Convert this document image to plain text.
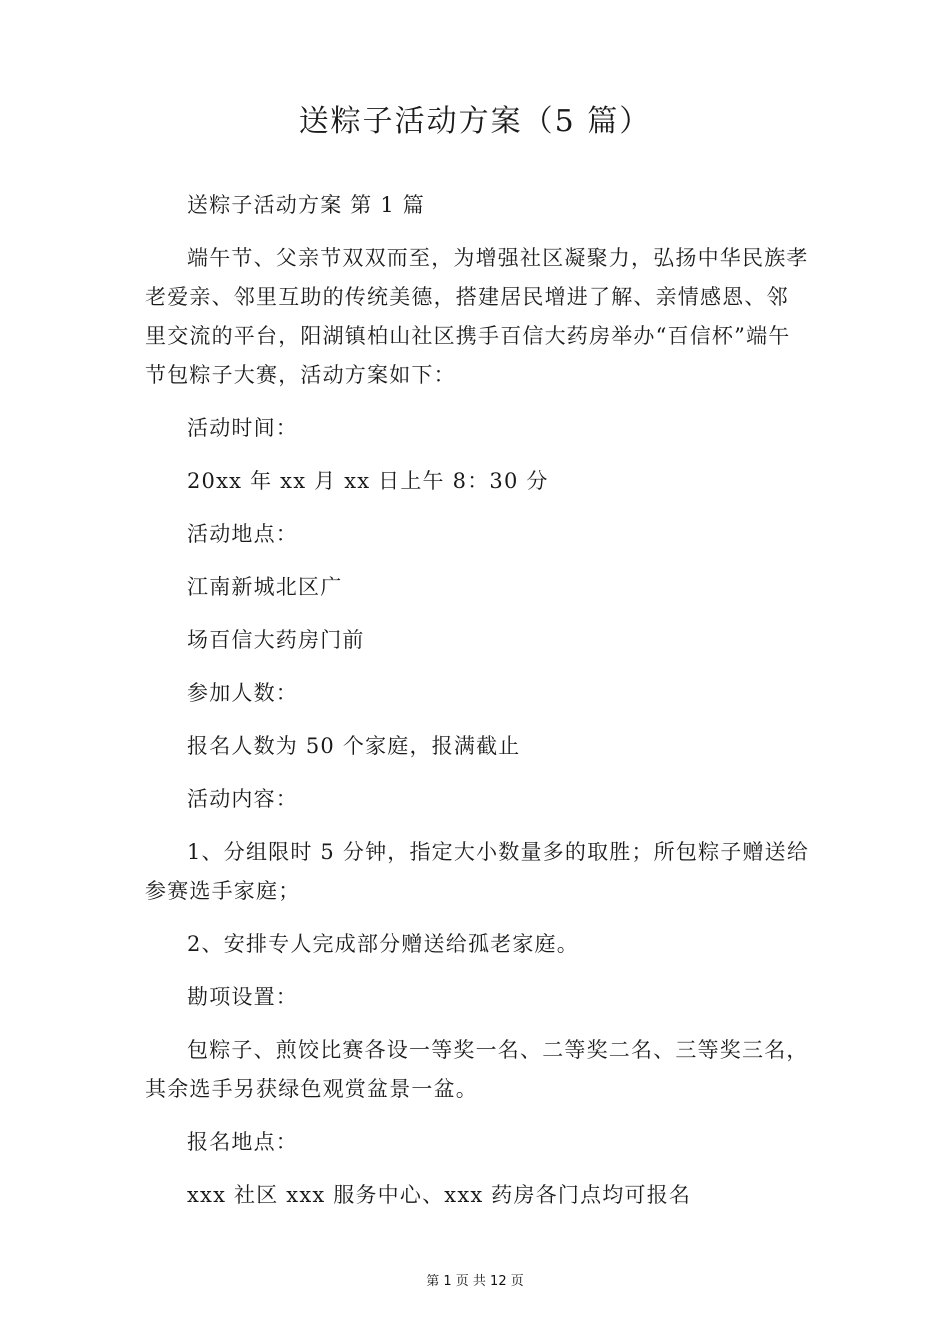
送粽子活动方案（5 篇）

送粽子活动方案 第 1 篇

端午节、父亲节双双而至，为增强社区凝聚力，弘扬中华民族孝老爱亲、邻里互助的传统美德，搭建居民增进了解、亲情感恩、邻里交流的平台，阳湖镇柏山社区携手百信大药房举办“百信杯”端午节包粽子大赛，活动方案如下：

活动时间：

20xx 年 xx 月 xx 日上午 8：30 分

活动地点：

江南新城北区广

场百信大药房门前

参加人数：

报名人数为 50 个家庭，报满截止

活动内容：

1、分组限时 5 分钟，指定大小数量多的取胜；所包粽子赠送给参赛选手家庭；

2、安排专人完成部分赠送给孤老家庭。

勘项设置：

包粽子、煎饺比赛各设一等奖一名、二等奖二名、三等奖三名，其余选手另获绿色观赏盆景一盆。

报名地点：

xxx 社区 xxx 服务中心、xxx 药房各门点均可报名

第 1 页 共 12 页
